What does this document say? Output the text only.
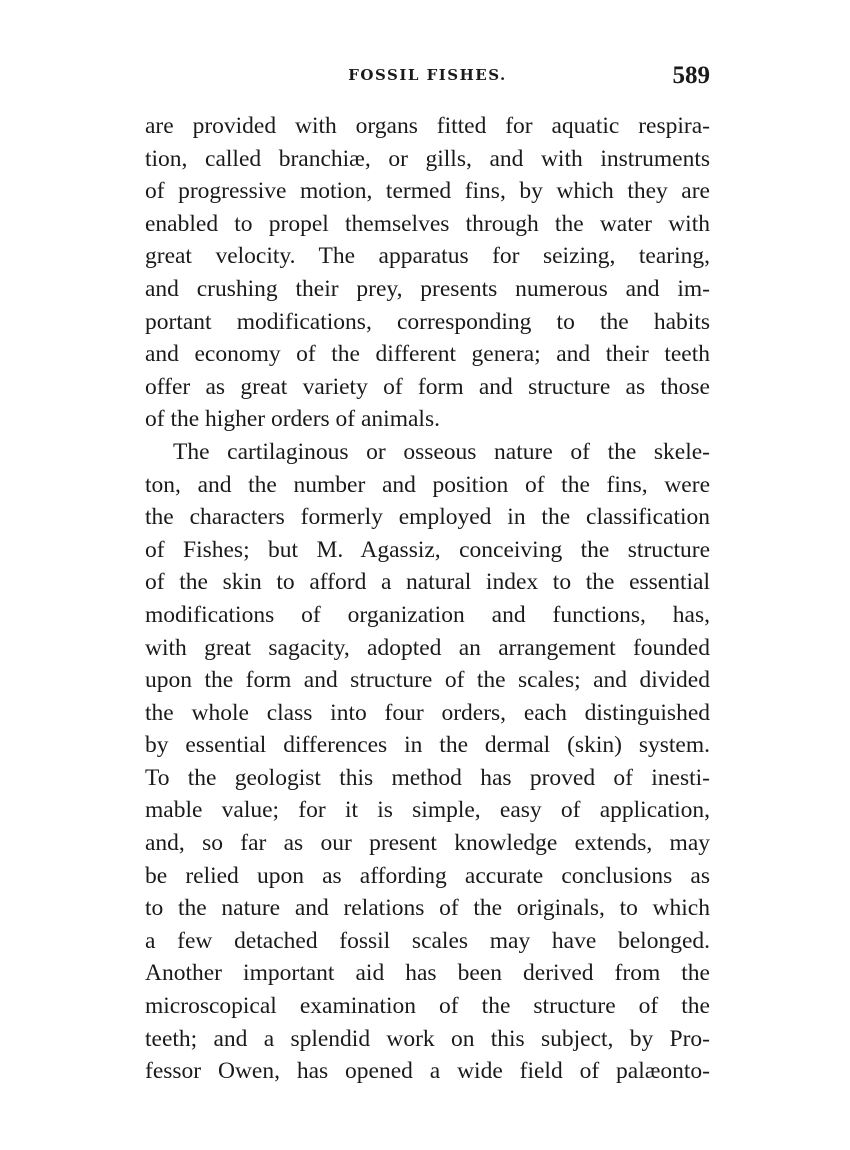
FOSSIL FISHES.	589
are provided with organs fitted for aquatic respira-
tion, called branchiæ, or gills, and with instruments
of progressive motion, termed fins, by which they are
enabled to propel themselves through the water with
great velocity. The apparatus for seizing, tearing,
and crushing their prey, presents numerous and im-
portant modifications, corresponding to the habits
and economy of the different genera; and their teeth
offer as great variety of form and structure as those
of the higher orders of animals.
The cartilaginous or osseous nature of the skele-
ton, and the number and position of the fins, were
the characters formerly employed in the classification
of Fishes; but M. Agassiz, conceiving the structure
of the skin to afford a natural index to the essential
modifications of organization and functions, has,
with great sagacity, adopted an arrangement founded
upon the form and structure of the scales; and divided
the whole class into four orders, each distinguished
by essential differences in the dermal (skin) system.
To the geologist this method has proved of inesti-
mable value; for it is simple, easy of application,
and, so far as our present knowledge extends, may
be relied upon as affording accurate conclusions as
to the nature and relations of the originals, to which
a few detached fossil scales may have belonged.
Another important aid has been derived from the
microscopical examination of the structure of the
teeth; and a splendid work on this subject, by Pro-
fessor Owen, has opened a wide field of palæonto-
